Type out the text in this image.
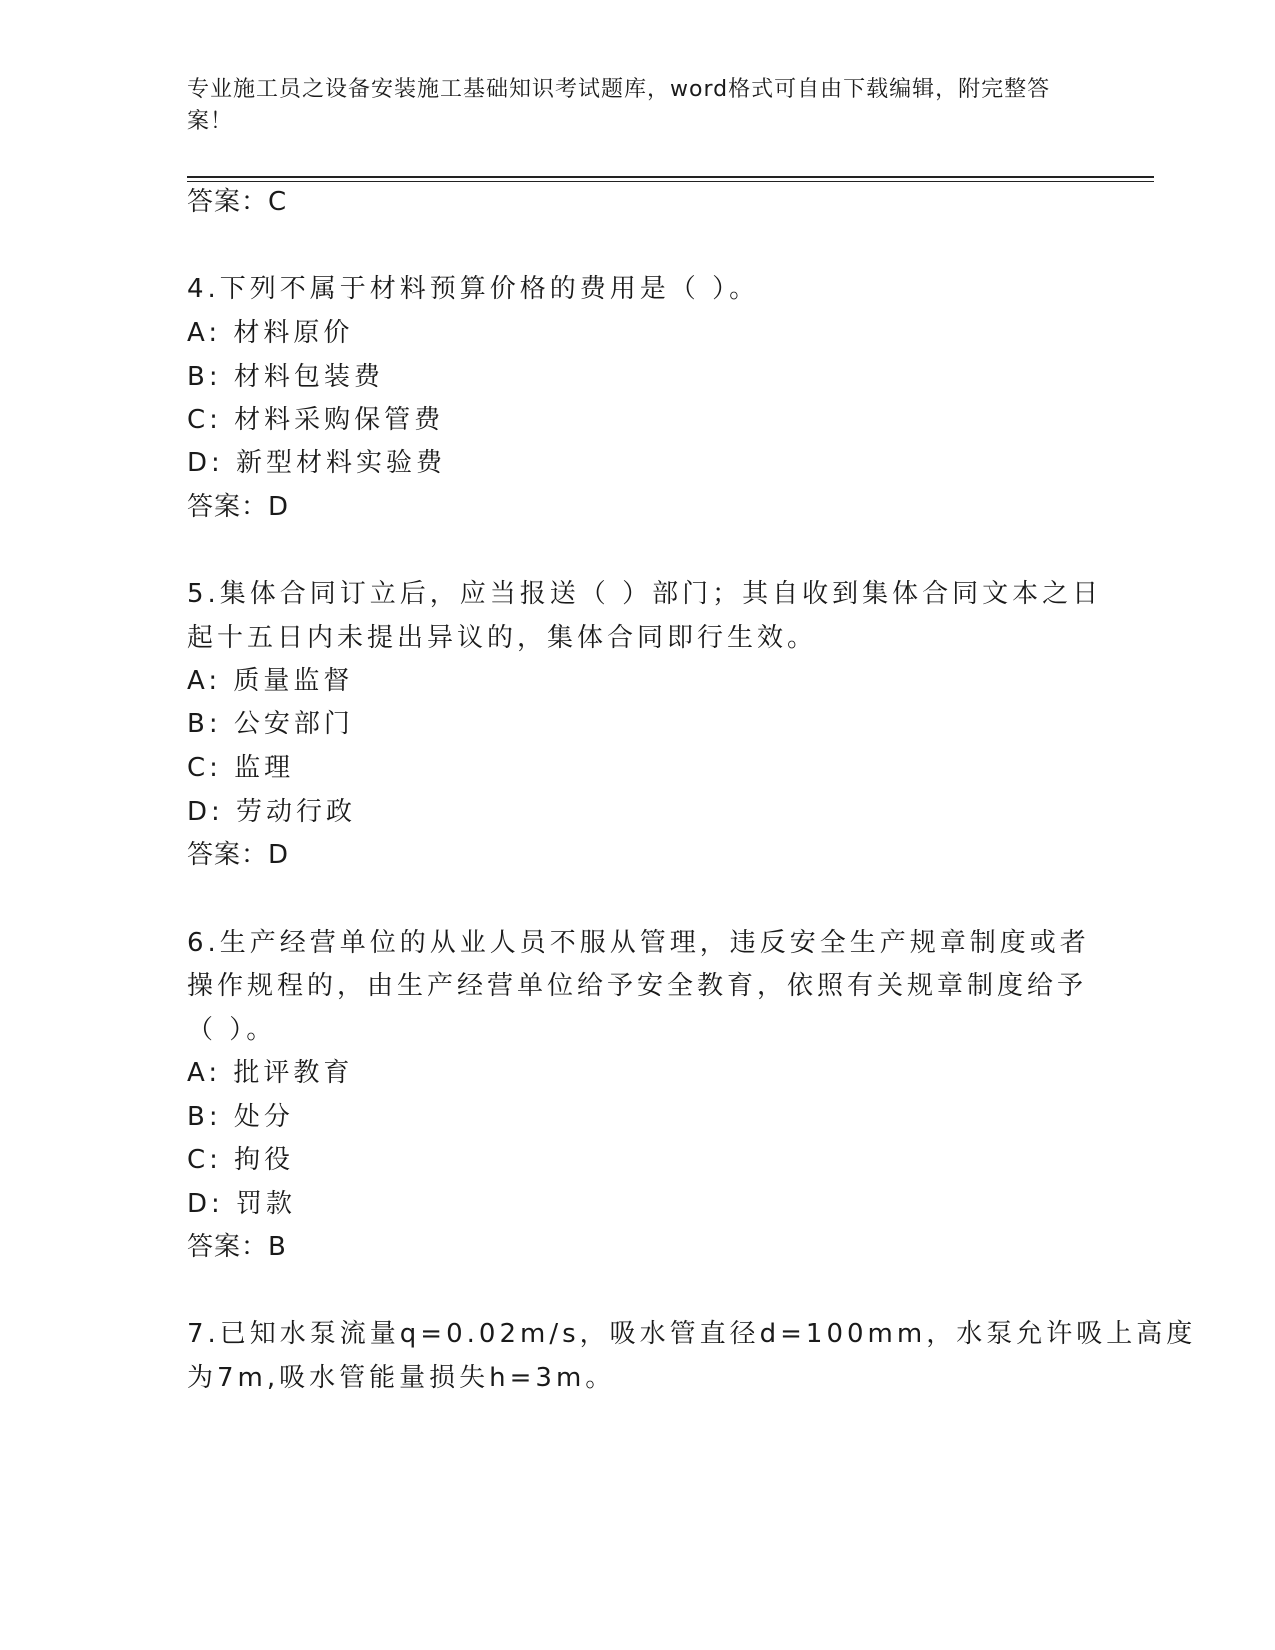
专业施工员之设备安装施工基础知识考试题库，word格式可自由下载编辑，附完整答案！
答案：C
4.下列不属于材料预算价格的费用是（ ）。
A: 材料原价
B: 材料包装费
C: 材料采购保管费
D: 新型材料实验费
答案：D
5.集体合同订立后，应当报送（ ）部门；其自收到集体合同文本之日
起十五日内未提出异议的，集体合同即行生效。
A: 质量监督
B: 公安部门
C: 监理
D: 劳动行政
答案：D
6.生产经营单位的从业人员不服从管理，违反安全生产规章制度或者
操作规程的，由生产经营单位给予安全教育，依照有关规章制度给予
（ ）。
A: 批评教育
B: 处分
C: 拘役
D: 罚款
答案：B
7.已知水泵流量q=0.02m/s，吸水管直径d=100mm，水泵允许吸上高度
为7m,吸水管能量损失h=3m。
